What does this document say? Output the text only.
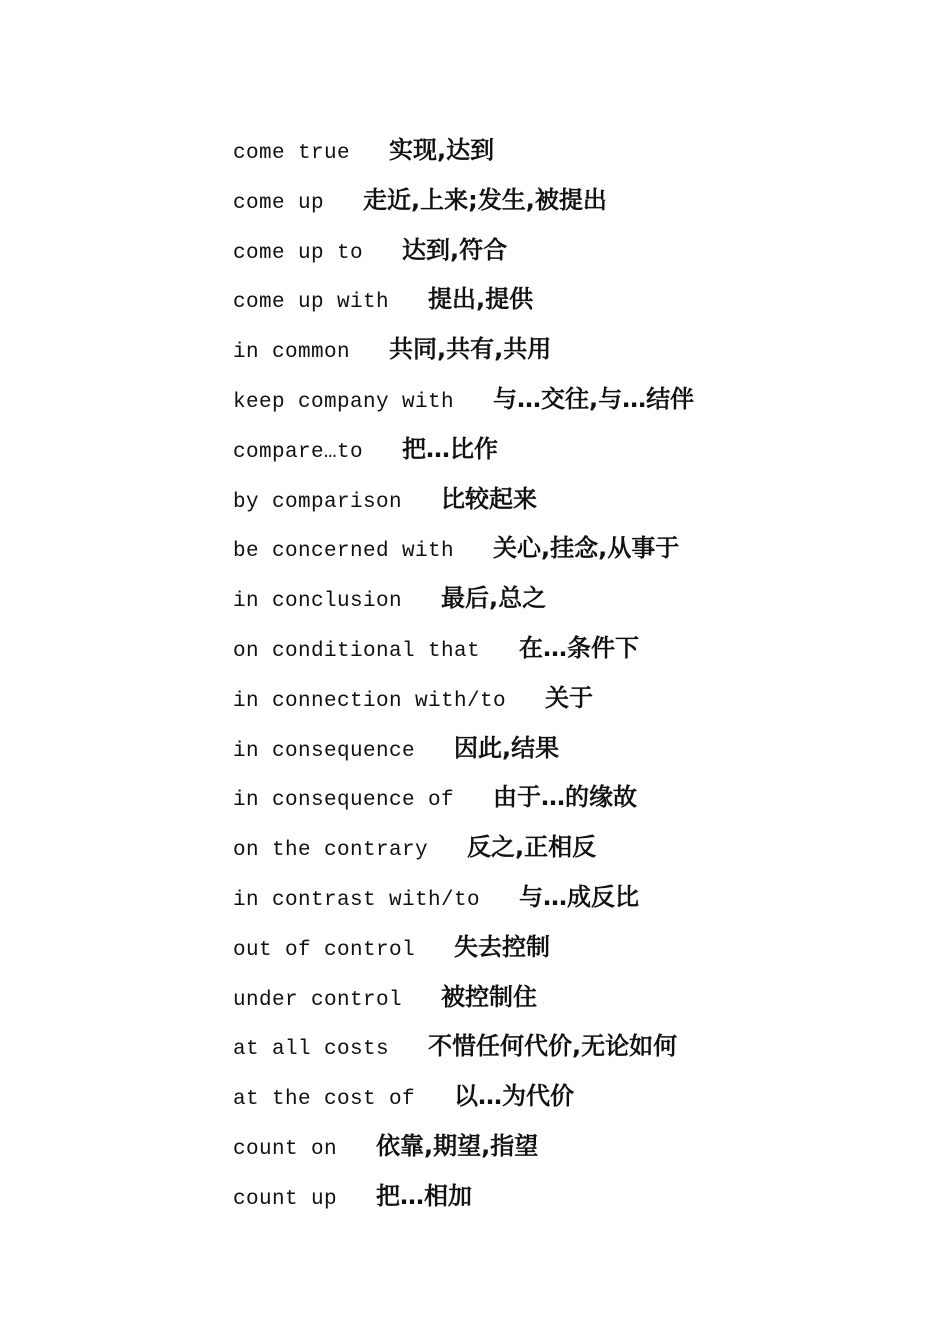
come true 实现,达到
come up 走近,上来;发生,被提出
come up to 达到,符合
come up with 提出,提供
in common 共同,共有,共用
keep company with 与…交往,与…结伴
compare…to 把…比作
by comparison 比较起来
be concerned with 关心,挂念,从事于
in conclusion 最后,总之
on conditional that 在…条件下
in connection with/to 关于
in consequence 因此,结果
in consequence of 由于…的缘故
on the contrary 反之,正相反
in contrast with/to 与…成反比
out of control 失去控制
under control 被控制住
at all costs 不惜任何代价,无论如何
at the cost of 以…为代价
count on 依靠,期望,指望
count up 把…相加
